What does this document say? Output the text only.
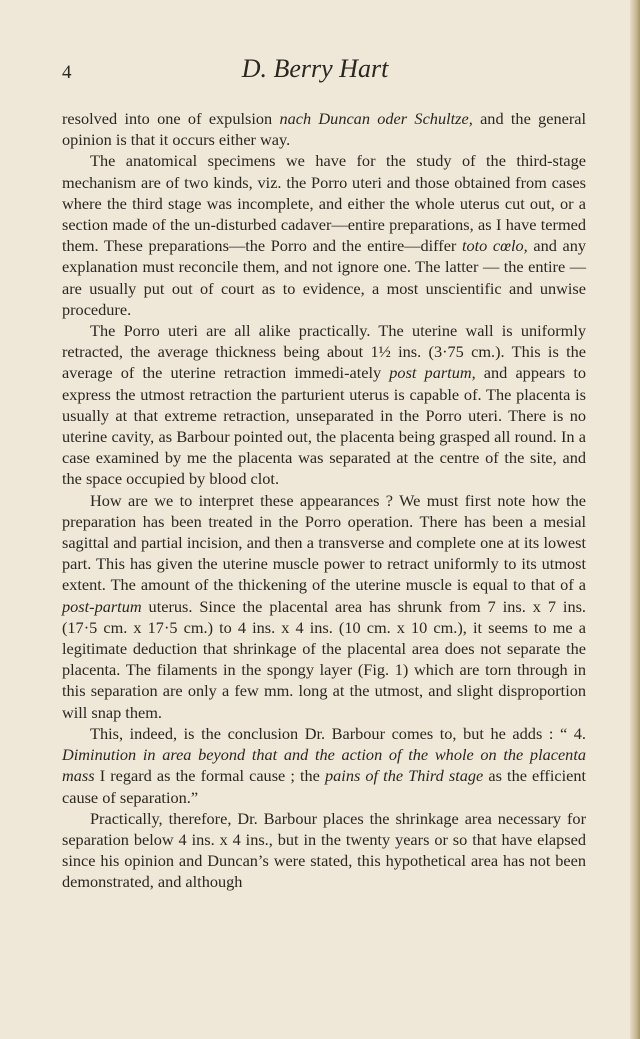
4	D. Berry Hart

resolved into one of expulsion nach Duncan oder Schultze, and the general opinion is that it occurs either way.

The anatomical specimens we have for the study of the third-stage mechanism are of two kinds, viz. the Porro uteri and those obtained from cases where the third stage was incomplete, and either the whole uterus cut out, or a section made of the un-disturbed cadaver—entire preparations, as I have termed them. These preparations—the Porro and the entire—differ toto cœlo, and any explanation must reconcile them, and not ignore one. The latter — the entire — are usually put out of court as to evidence, a most unscientific and unwise procedure.

The Porro uteri are all alike practically. The uterine wall is uniformly retracted, the average thickness being about 1½ ins. (3·75 cm.). This is the average of the uterine retraction immedi-ately post partum, and appears to express the utmost retraction the parturient uterus is capable of. The placenta is usually at that extreme retraction, unseparated in the Porro uteri. There is no uterine cavity, as Barbour pointed out, the placenta being grasped all round. In a case examined by me the placenta was separated at the centre of the site, and the space occupied by blood clot.

How are we to interpret these appearances ? We must first note how the preparation has been treated in the Porro operation. There has been a mesial sagittal and partial incision, and then a transverse and complete one at its lowest part. This has given the uterine muscle power to retract uniformly to its utmost extent. The amount of the thickening of the uterine muscle is equal to that of a post-partum uterus. Since the placental area has shrunk from 7 ins. x 7 ins. (17·5 cm. x 17·5 cm.) to 4 ins. x 4 ins. (10 cm. x 10 cm.), it seems to me a legitimate deduction that shrinkage of the placental area does not separate the placenta. The filaments in the spongy layer (Fig. 1) which are torn through in this separation are only a few mm. long at the utmost, and slight disproportion will snap them.

This, indeed, is the conclusion Dr. Barbour comes to, but he adds : “ 4. Diminution in area beyond that and the action of the whole on the placenta mass I regard as the formal cause ; the pains of the Third stage as the efficient cause of separation.”

Practically, therefore, Dr. Barbour places the shrinkage area necessary for separation below 4 ins. x 4 ins., but in the twenty years or so that have elapsed since his opinion and Duncan’s were stated, this hypothetical area has not been demonstrated, and although
